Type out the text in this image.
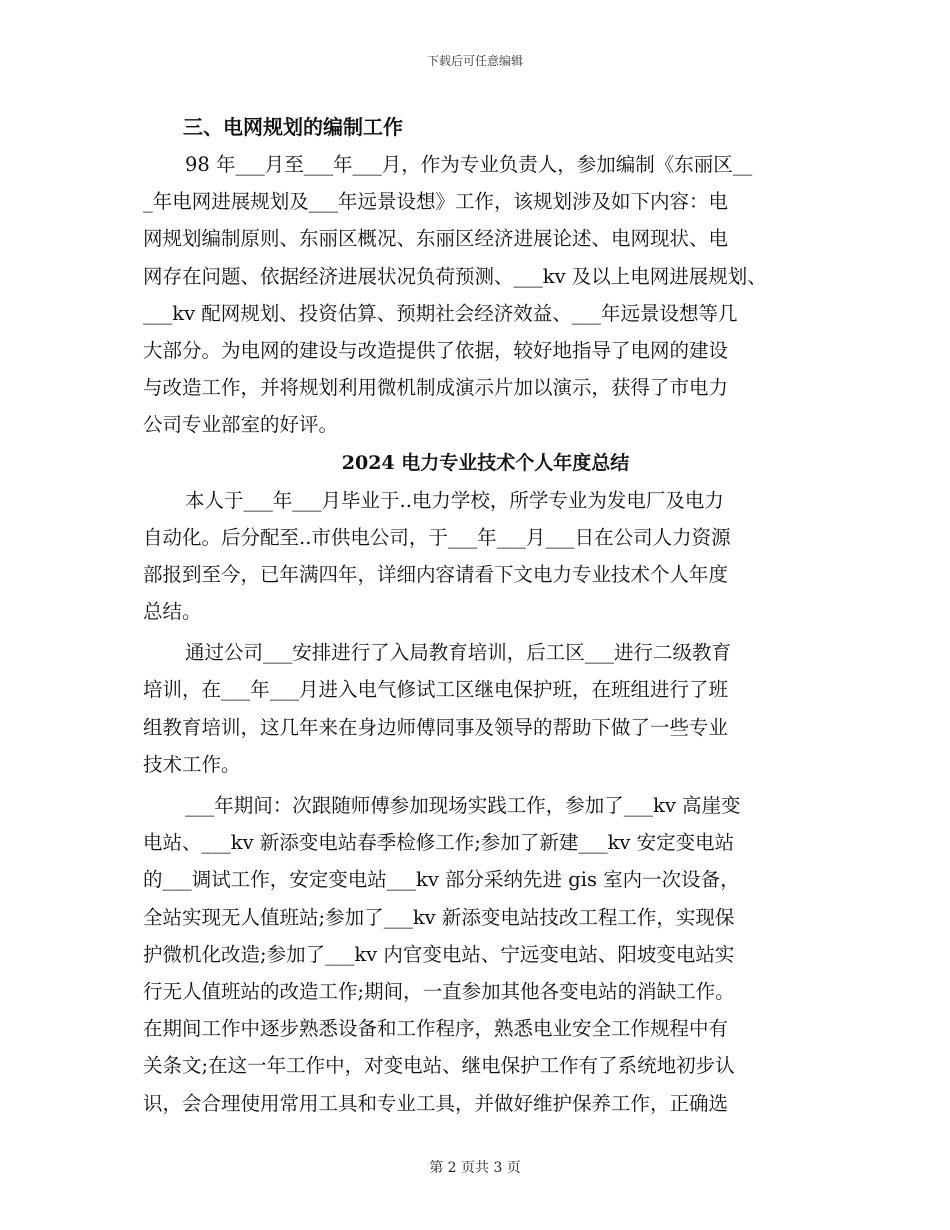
下载后可任意编辑
三、电网规划的编制工作
98 年___月至___年___月，作为专业负责人，参加编制《东丽区__
_年电网进展规划及___年远景设想》工作，该规划涉及如下内容：电
网规划编制原则、东丽区概况、东丽区经济进展论述、电网现状、电
网存在问题、依据经济进展状况负荷预测、___kv 及以上电网进展规划、
___kv 配网规划、投资估算、预期社会经济效益、___年远景设想等几
大部分。为电网的建设与改造提供了依据，较好地指导了电网的建设
与改造工作，并将规划利用微机制成演示片加以演示，获得了市电力
公司专业部室的好评。
2024 电力专业技术个人年度总结
本人于___年___月毕业于..电力学校，所学专业为发电厂及电力
自动化。后分配至..市供电公司，于___年___月___日在公司人力资源
部报到至今，已年满四年，详细内容请看下文电力专业技术个人年度
总结。
通过公司___安排进行了入局教育培训，后工区___进行二级教育
培训，在___年___月进入电气修试工区继电保护班，在班组进行了班
组教育培训，这几年来在身边师傅同事及领导的帮助下做了一些专业
技术工作。
___年期间：次跟随师傅参加现场实践工作，参加了___kv 高崖变
电站、___kv 新添变电站春季检修工作;参加了新建___kv 安定变电站
的___调试工作，安定变电站___kv 部分采纳先进 gis 室内一次设备，
全站实现无人值班站;参加了___kv 新添变电站技改工程工作，实现保
护微机化改造;参加了___kv 内官变电站、宁远变电站、阳坡变电站实
行无人值班站的改造工作;期间，一直参加其他各变电站的消缺工作。
在期间工作中逐步熟悉设备和工作程序，熟悉电业安全工作规程中有
关条文;在这一年工作中，对变电站、继电保护工作有了系统地初步认
识，会合理使用常用工具和专业工具，并做好维护保养工作，正确选
第 2 页共 3 页
